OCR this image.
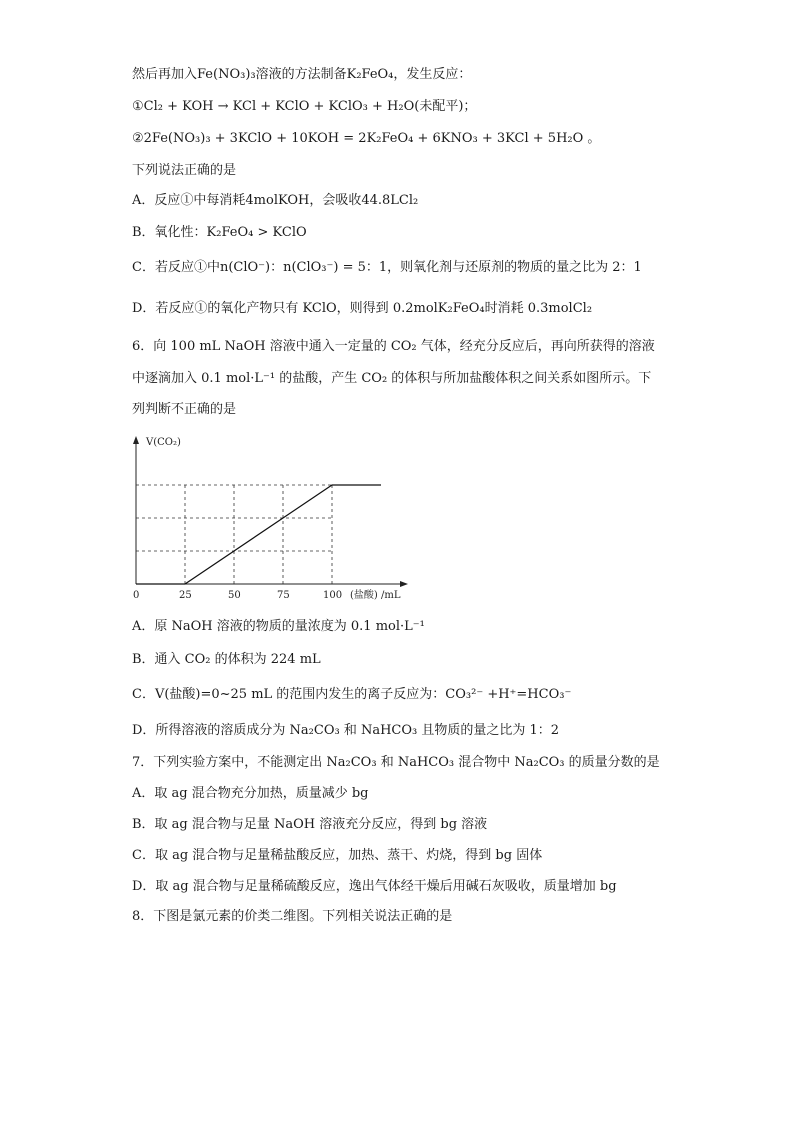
然后再加入Fe(NO₃)₃溶液的方法制备K₂FeO₄，发生反应：
①Cl₂ + KOH → KCl + KClO + KClO₃ + H₂O(未配平)；
②2Fe(NO₃)₃ + 3KClO + 10KOH = 2K₂FeO₄ + 6KNO₃ + 3KCl + 5H₂O 。
下列说法正确的是
A．反应①中每消耗4molKOH，会吸收44.8LCl₂
B．氧化性：K₂FeO₄ > KClO
C．若反应①中n(ClO⁻)：n(ClO₃⁻) = 5：1，则氧化剂与还原剂的物质的量之比为 2：1
D．若反应①的氧化产物只有 KClO，则得到 0.2molK₂FeO₄时消耗 0.3molCl₂
6．向 100 mL NaOH 溶液中通入一定量的 CO₂ 气体，经充分反应后，再向所获得的溶液
中逐滴加入 0.1 mol·L⁻¹ 的盐酸，产生 CO₂ 的体积与所加盐酸体积之间关系如图所示。下
列判断不正确的是
A．原 NaOH 溶液的物质的量浓度为 0.1 mol·L⁻¹
B．通入 CO₂ 的体积为 224 mL
C．V(盐酸)=0~25 mL 的范围内发生的离子反应为：CO₃²⁻ +H⁺=HCO₃⁻
D．所得溶液的溶质成分为 Na₂CO₃ 和 NaHCO₃ 且物质的量之比为 1：2
7．下列实验方案中，不能测定出 Na₂CO₃ 和 NaHCO₃ 混合物中 Na₂CO₃ 的质量分数的是
A．取 ag 混合物充分加热，质量减少 bg
B．取 ag 混合物与足量 NaOH 溶液充分反应，得到 bg 溶液
C．取 ag 混合物与足量稀盐酸反应，加热、蒸干、灼烧，得到 bg 固体
D．取 ag 混合物与足量稀硫酸反应，逸出气体经干燥后用碱石灰吸收，质量增加 bg
8．下图是氯元素的价类二维图。下列相关说法正确的是
0	25	50	75	100
V(CO₂)
(盐酸) /mL
